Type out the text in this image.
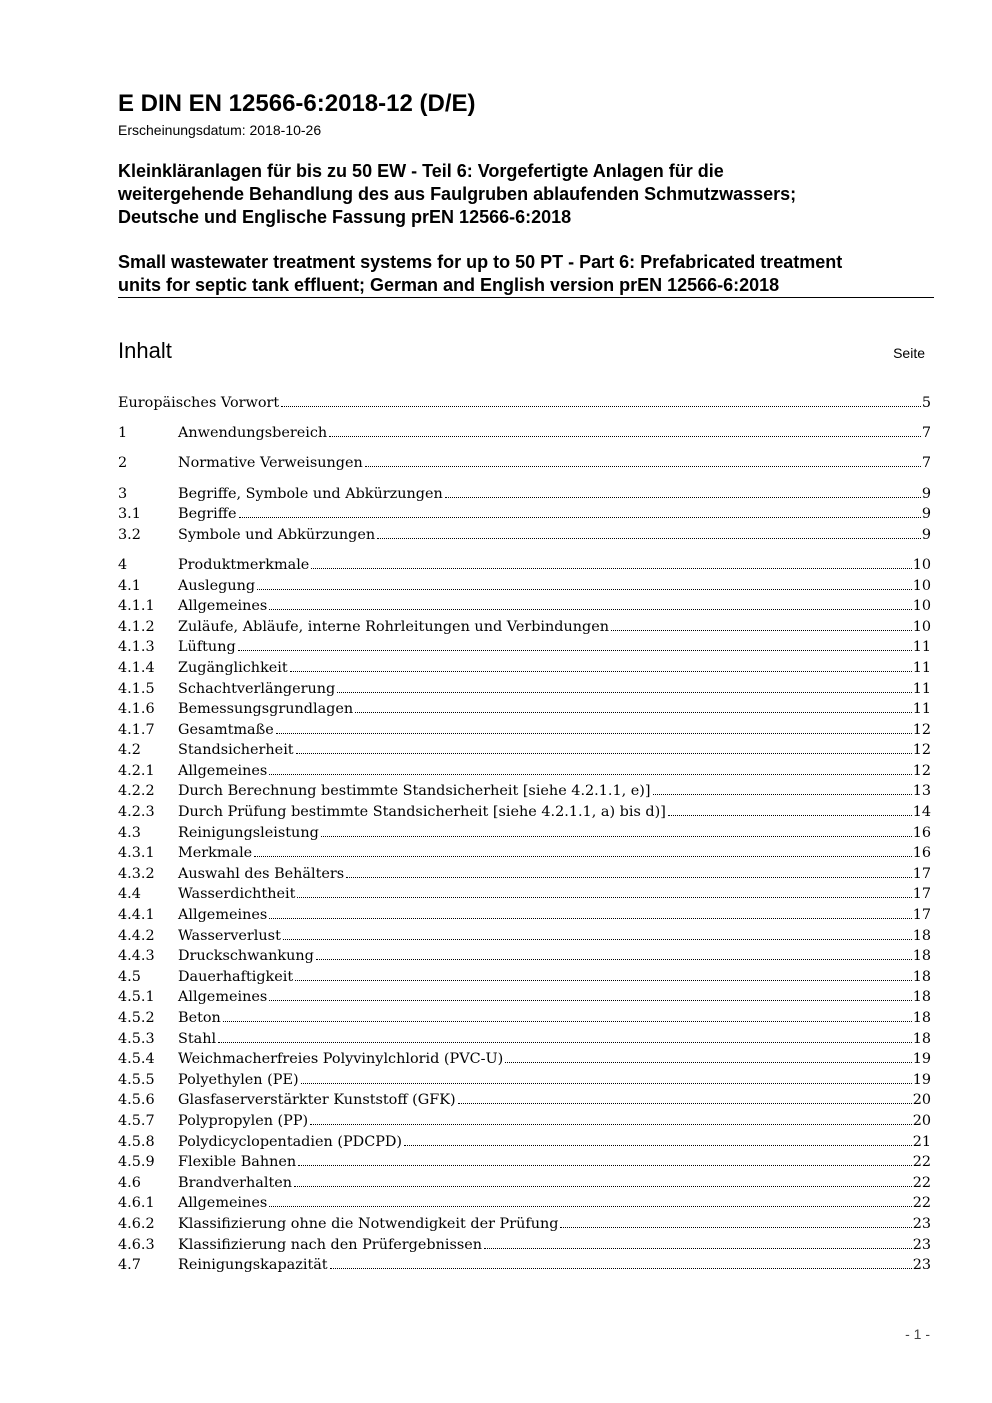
E DIN EN 12566-6:2018-12 (D/E)
Erscheinungsdatum: 2018-10-26
Kleinkläranlagen für bis zu 50 EW - Teil 6: Vorgefertigte Anlagen für die
weitergehende Behandlung des aus Faulgruben ablaufenden Schmutzwassers;
Deutsche und Englische Fassung prEN 12566-6:2018
Small wastewater treatment systems for up to 50 PT - Part 6: Prefabricated treatment
units for septic tank effluent; German and English version prEN 12566-6:2018
Inhalt	Seite
Europäisches Vorwort	5
1	Anwendungsbereich	7
2	Normative Verweisungen	7
3	Begriffe, Symbole und Abkürzungen	9
3.1	Begriffe	9
3.2	Symbole und Abkürzungen	9
4	Produktmerkmale	10
4.1	Auslegung	10
4.1.1	Allgemeines	10
4.1.2	Zuläufe, Abläufe, interne Rohrleitungen und Verbindungen	10
4.1.3	Lüftung	11
4.1.4	Zugänglichkeit	11
4.1.5	Schachtverlängerung	11
4.1.6	Bemessungsgrundlagen	11
4.1.7	Gesamtmaße	12
4.2	Standsicherheit	12
4.2.1	Allgemeines	12
4.2.2	Durch Berechnung bestimmte Standsicherheit [siehe 4.2.1.1, e)]	13
4.2.3	Durch Prüfung bestimmte Standsicherheit [siehe 4.2.1.1, a) bis d)]	14
4.3	Reinigungsleistung	16
4.3.1	Merkmale	16
4.3.2	Auswahl des Behälters	17
4.4	Wasserdichtheit	17
4.4.1	Allgemeines	17
4.4.2	Wasserverlust	18
4.4.3	Druckschwankung	18
4.5	Dauerhaftigkeit	18
4.5.1	Allgemeines	18
4.5.2	Beton	18
4.5.3	Stahl	18
4.5.4	Weichmacherfreies Polyvinylchlorid (PVC-U)	19
4.5.5	Polyethylen (PE)	19
4.5.6	Glasfaserverstärkter Kunststoff (GFK)	20
4.5.7	Polypropylen (PP)	20
4.5.8	Polydicyclopentadien (PDCPD)	21
4.5.9	Flexible Bahnen	22
4.6	Brandverhalten	22
4.6.1	Allgemeines	22
4.6.2	Klassifizierung ohne die Notwendigkeit der Prüfung	23
4.6.3	Klassifizierung nach den Prüfergebnissen	23
4.7	Reinigungskapazität	23
- 1 -
